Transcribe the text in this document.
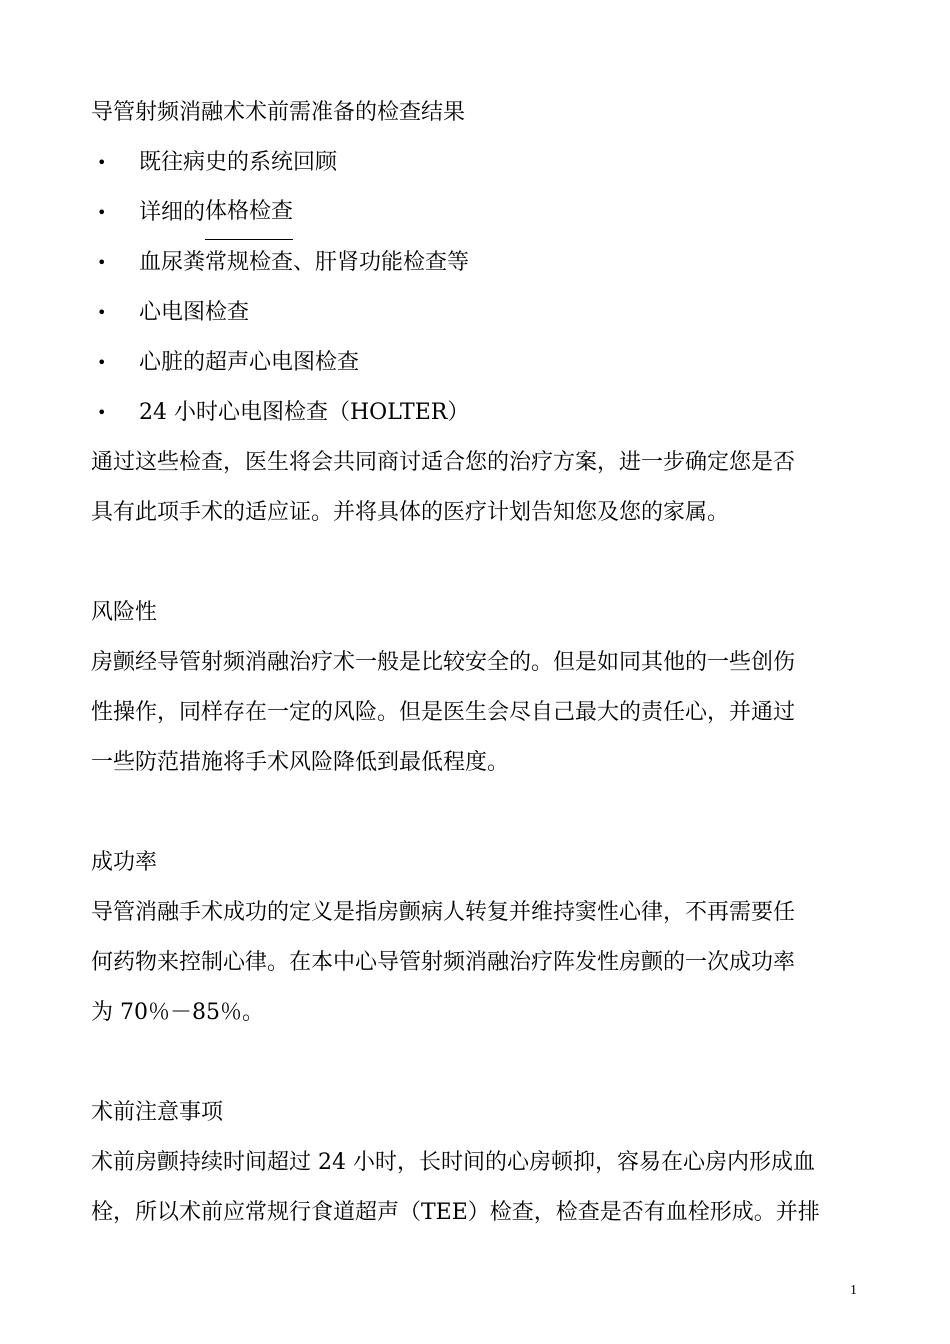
导管射频消融术术前需准备的检查结果
•	既往病史的系统回顾
•	详细的 体格检查
•	血尿粪常规检查、肝肾功能检查等
•	心电图检查
•	心脏的超声心电图检查
•	24 小时心电图检查（HOLTER）
通过这些检查，医生将会共同商讨适合您的治疗方案，进一步确定您是否
具有此项手术的适应证。并将具体的医疗计划告知您及您的家属。
风险性
房颤经导管射频消融治疗术一般是比较安全的。但是如同其他的一些创伤
性操作，同样存在一定的风险。但是医生会尽自己最大的责任心，并通过
一些防范措施将手术风险降低到最低程度。
成功率
导管消融手术成功的定义是指房颤病人转复并维持窦性心律，不再需要任
何药物来控制心律。在本中心导管射频消融治疗阵发性房颤的一次成功率
为 70％－85％。
术前注意事项
术前房颤持续时间超过 24 小时，长时间的心房顿抑，容易在心房内形成血
栓，所以术前应常规行食道超声（TEE）检查，检查是否有血栓形成。并排
1
